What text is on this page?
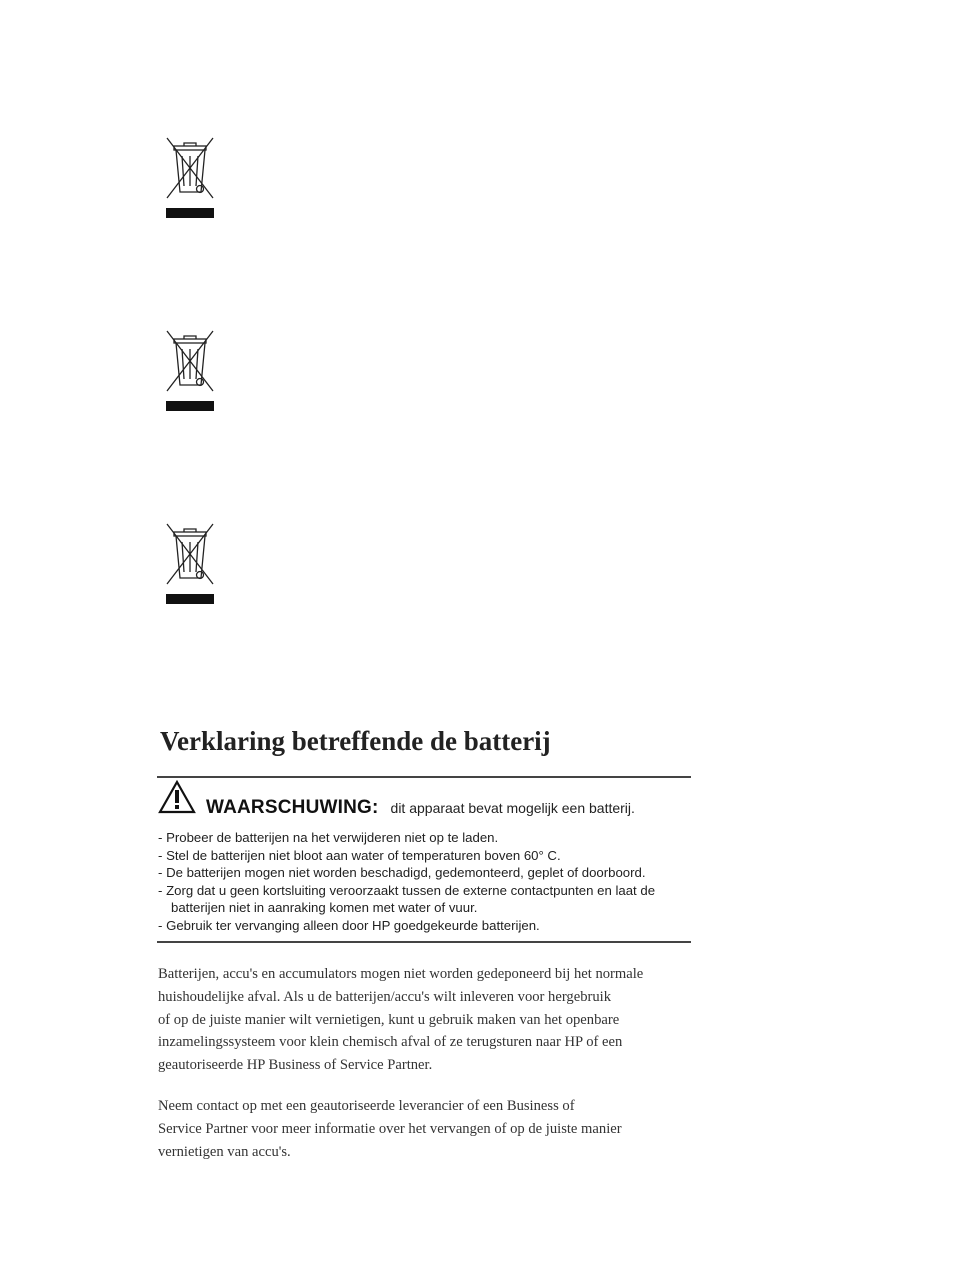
Verklaring betreffende de batterij
WAARSCHUWING: dit apparaat bevat mogelijk een batterij.
- Probeer de batterijen na het verwijderen niet op te laden.
- Stel de batterijen niet bloot aan water of temperaturen boven 60° C.
- De batterijen mogen niet worden beschadigd, gedemonteerd, geplet of doorboord.
- Zorg dat u geen kortsluiting veroorzaakt tussen de externe contactpunten en laat de
batterijen niet in aanraking komen met water of vuur.
- Gebruik ter vervanging alleen door HP goedgekeurde batterijen.

Batterijen, accu's en accumulators mogen niet worden gedeponeerd bij het normale
huishoudelijke afval. Als u de batterijen/accu's wilt inleveren voor hergebruik
of op de juiste manier wilt vernietigen, kunt u gebruik maken van het openbare
inzamelingssysteem voor klein chemisch afval of ze terugsturen naar HP of een
geautoriseerde HP Business of Service Partner.

Neem contact op met een geautoriseerde leverancier of een Business of
Service Partner voor meer informatie over het vervangen of op de juiste manier
vernietigen van accu's.
